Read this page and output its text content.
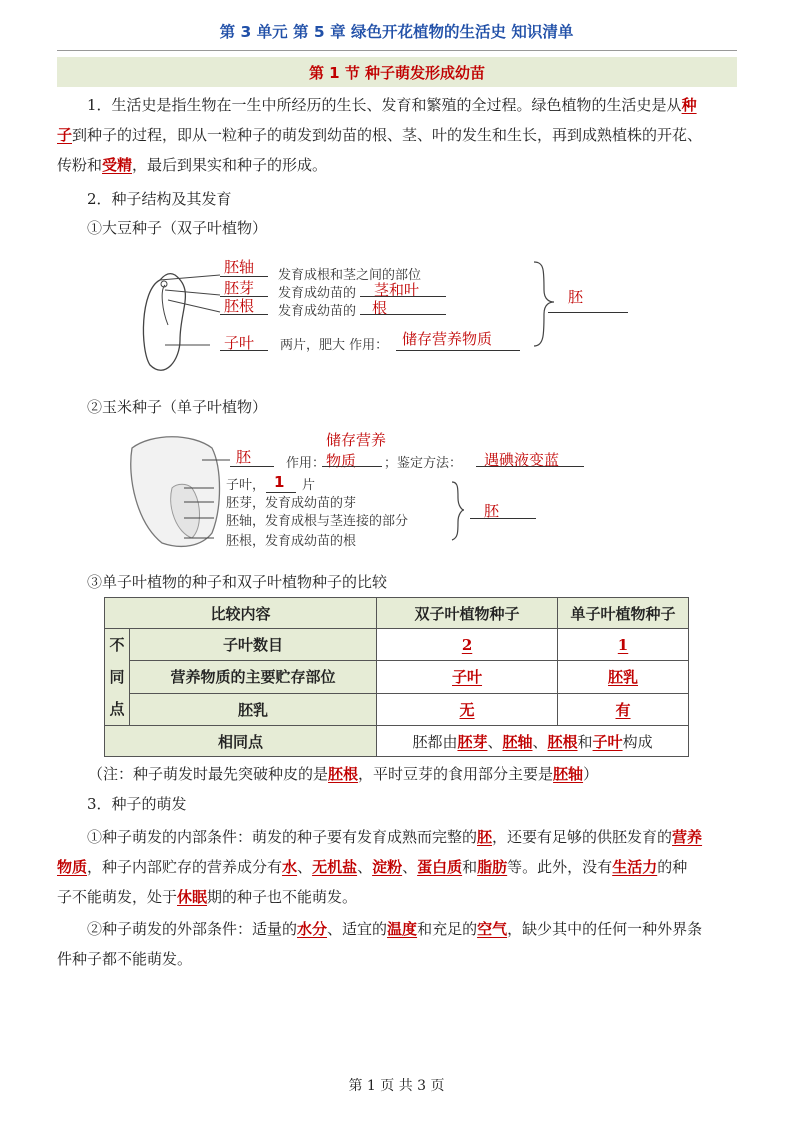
第 3 单元 第 5 章 绿色开花植物的生活史 知识清单
第 1 节 种子萌发形成幼苗
1．生活史是指生物在一生中所经历的生长、发育和繁殖的全过程。绿色植物的生活史是从种
子到种子的过程，即从一粒种子的萌发到幼苗的根、茎、叶的发生和生长，再到成熟植株的开花、
传粉和受精，最后到果实和种子的形成。
2．种子结构及其发育
①大豆种子（双子叶植物）
胚轴 发育成根和茎之间的部位
胚芽 发育成幼苗的 茎和叶
胚根 发育成幼苗的 根
子叶 两片，肥大 作用： 储存营养物质
胚
②玉米种子（单子叶植物）
胚	作用：
储存营养
物质 ；鉴定方法： 遇碘液变蓝
子叶， 1 片
胚芽，发育成幼苗的芽
胚轴，发育成根与茎连接的部分
胚根，发育成幼苗的根
胚
③单子叶植物的种子和双子叶植物种子的比较
比较内容		双子叶植物种子	单子叶植物种子
不
同
点	子叶数目	2	1
	营养物质的主要贮存部位	子叶	胚乳
	胚乳	无	有
相同点		胚都由胚芽、胚轴、胚根和子叶构成	
（注：种子萌发时最先突破种皮的是胚根，平时豆芽的食用部分主要是胚轴）
3．种子的萌发
①种子萌发的内部条件：萌发的种子要有发育成熟而完整的胚，还要有足够的供胚发育的营养
物质，种子内部贮存的营养成分有水、无机盐、淀粉、蛋白质和脂肪等。此外，没有生活力的种
子不能萌发，处于休眠期的种子也不能萌发。
②种子萌发的外部条件：适量的水分、适宜的温度和充足的空气，缺少其中的任何一种外界条
件种子都不能萌发。
第 1 页 共 3 页
